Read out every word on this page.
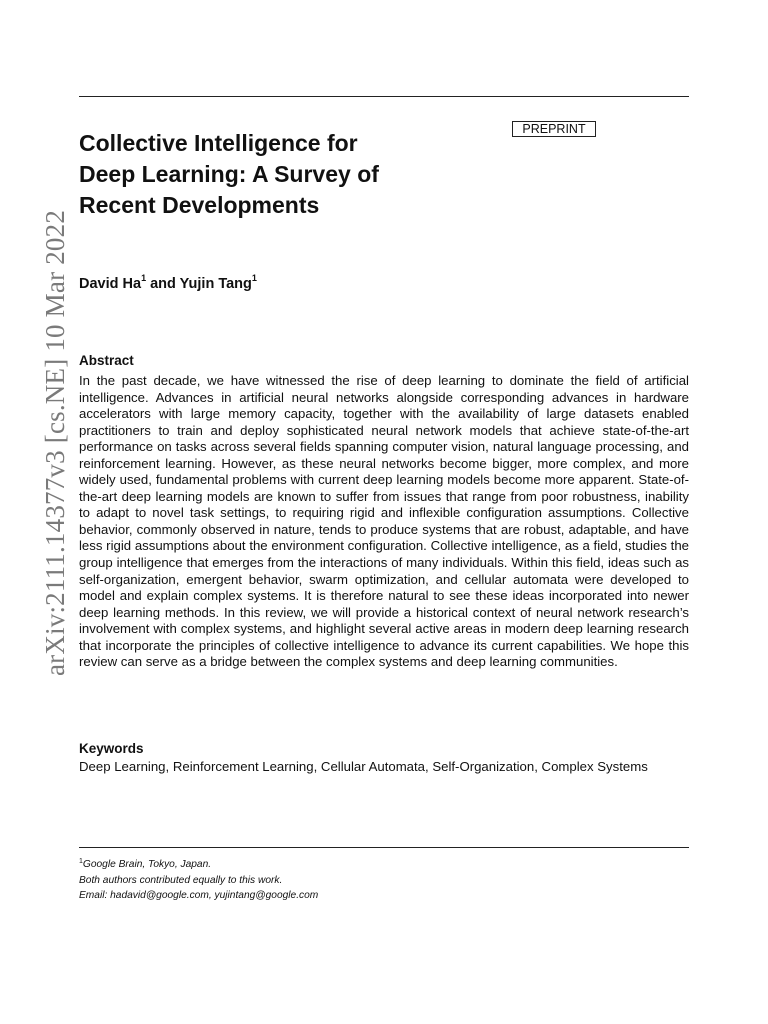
arXiv:2111.14377v3 [cs.NE] 10 Mar 2022
Collective Intelligence for
Deep Learning: A Survey of
Recent Developments
PREPRINT
David Ha$^1$ and Yujin Tang$^1$
Abstract

In the past decade, we have witnessed the rise of deep learning to dominate the field of artificial intelligence. Advances in artificial neural networks alongside corresponding advances in hardware accelerators with large memory capacity, together with the availability of large datasets enabled practitioners to train and deploy sophisticated neural network models that achieve state-of-the-art performance on tasks across several fields spanning computer vision, natural language processing, and reinforcement learning. However, as these neural networks become bigger, more complex, and more widely used, fundamental problems with current deep learning models become more apparent. State-of-the-art deep learning models are known to suffer from issues that range from poor robustness, inability to adapt to novel task settings, to requiring rigid and inflexible configuration assumptions. Collective behavior, commonly observed in nature, tends to produce systems that are robust, adaptable, and have less rigid assumptions about the environment configuration. Collective intelligence, as a field, studies the group intelligence that emerges from the interactions of many individuals. Within this field, ideas such as self-organization, emergent behavior, swarm optimization, and cellular automata were developed to model and explain complex systems. It is therefore natural to see these ideas incorporated into newer deep learning methods. In this review, we will provide a historical context of neural network research’s involvement with complex systems, and highlight several active areas in modern deep learning research that incorporate the principles of collective intelligence to advance its current capabilities. We hope this review can serve as a bridge between the complex systems and deep learning communities.

Keywords
Deep Learning, Reinforcement Learning, Cellular Automata, Self-Organization, Complex Systems
$^1$Google Brain, Tokyo, Japan.
Both authors contributed equally to this work.
Email: hadavid@google.com, yujintang@google.com
